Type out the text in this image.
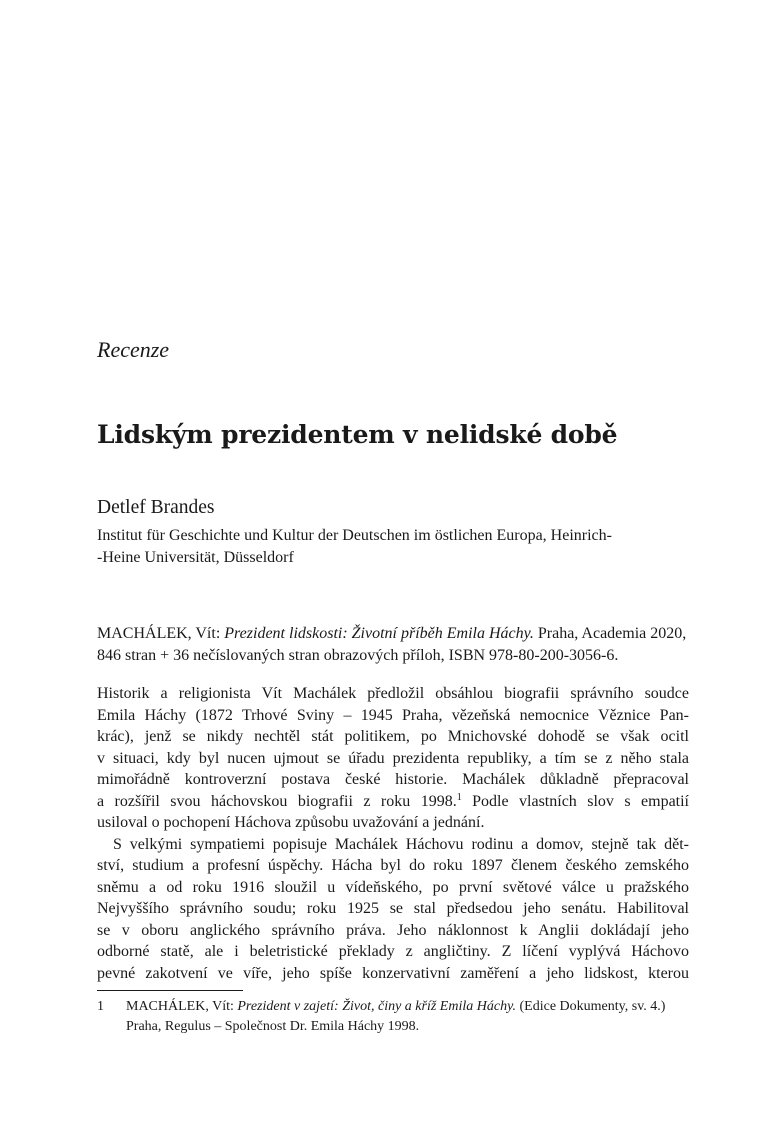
Recenze
Lidským prezidentem v nelidské době

Detlef Brandes

Institut für Geschichte und Kultur der Deutschen im östlichen Europa, Heinrich-
-Heine Universität, Düsseldorf

MACHÁLEK, Vít: Prezident lidskosti: Životní příběh Emila Háchy. Praha, Academia 2020,
846 stran + 36 nečíslovaných stran obrazových příloh, ISBN 978-80-200-3056-6.

Historik a religionista Vít Machálek předložil obsáhlou biografii správního soudce
Emila Háchy (1872 Trhové Sviny – 1945 Praha, vězeňská nemocnice Věznice Pan-
krác), jenž se nikdy nechtěl stát politikem, po Mnichovské dohodě se však ocitl
v situaci, kdy byl nucen ujmout se úřadu prezidenta republiky, a tím se z něho stala
mimořádně kontroverzní postava české historie. Machálek důkladně přepracoval
a rozšířil svou háchovskou biografii z roku 1998.$^1$ Podle vlastních slov s empatií
usiloval o pochopení Háchova způsobu uvažování a jednání.
S velkými sympatiemi popisuje Machálek Háchovu rodinu a domov, stejně tak dět-
ství, studium a profesní úspěchy. Hácha byl do roku 1897 členem českého zemského
sněmu a od roku 1916 sloužil u vídeňského, po první světové válce u pražského
Nejvyššího správního soudu; roku 1925 se stal předsedou jeho senátu. Habilitoval
se v oboru anglického správního práva. Jeho náklonnost k Anglii dokládají jeho
odborné statě, ale i beletristické překlady z angličtiny. Z líčení vyplývá Háchovo
pevné zakotvení ve víře, jeho spíše konzervativní zaměření a jeho lidskost, kterou
1 MACHÁLEK, Vít: Prezident v zajetí: Život, činy a kříž Emila Háchy. (Edice Dokumenty, sv. 4.)
Praha, Regulus – Společnost Dr. Emila Háchy 1998.
